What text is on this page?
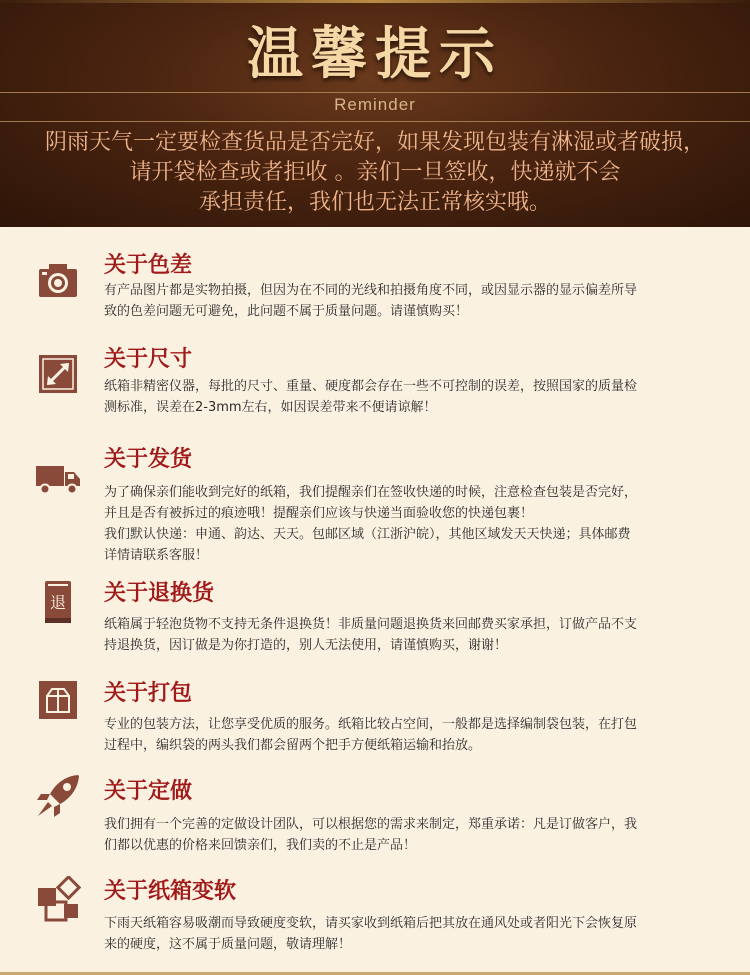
温馨提示
Reminder
阴雨天气一定要检查货品是否完好，如果发现包装有淋湿或者破损，
请开袋检查或者拒收 。亲们一旦签收，快递就不会
承担责任，我们也无法正常核实哦。
关于色差
有产品图片都是实物拍摄，但因为在不同的光线和拍摄角度不同，或因显示器的显示偏差所导
致的色差问题无可避免，此问题不属于质量问题。请谨慎购买！
关于尺寸
纸箱非精密仪器，每批的尺寸、重量、硬度都会存在一些不可控制的误差，按照国家的质量检
测标准，误差在2-3mm左右，如因误差带来不便请谅解！
关于发货
为了确保亲们能收到完好的纸箱，我们提醒亲们在签收快递的时候，注意检查包装是否完好，
并且是否有被拆过的痕迹哦！提醒亲们应该与快递当面验收您的快递包裹！
我们默认快递：申通、韵达、天天。包邮区域（江浙沪皖），其他区域发天天快递；具体邮费
详情请联系客服！
退 关于退换货
纸箱属于轻泡货物不支持无条件退换货！非质量问题退换货来回邮费买家承担，订做产品不支
持退换货，因订做是为你打造的，别人无法使用，请谨慎购买，谢谢！
关于打包
专业的包装方法，让您享受优质的服务。纸箱比较占空间，一般都是选择编制袋包装，在打包
过程中，编织袋的两头我们都会留两个把手方便纸箱运输和抬放。
关于定做
我们拥有一个完善的定做设计团队，可以根据您的需求来制定，郑重承诺：凡是订做客户，我
们都以优惠的价格来回馈亲们，我们卖的不止是产品！
关于纸箱变软
下雨天纸箱容易吸潮而导致硬度变软，请买家收到纸箱后把其放在通风处或者阳光下会恢复原
来的硬度，这不属于质量问题，敬请理解！
